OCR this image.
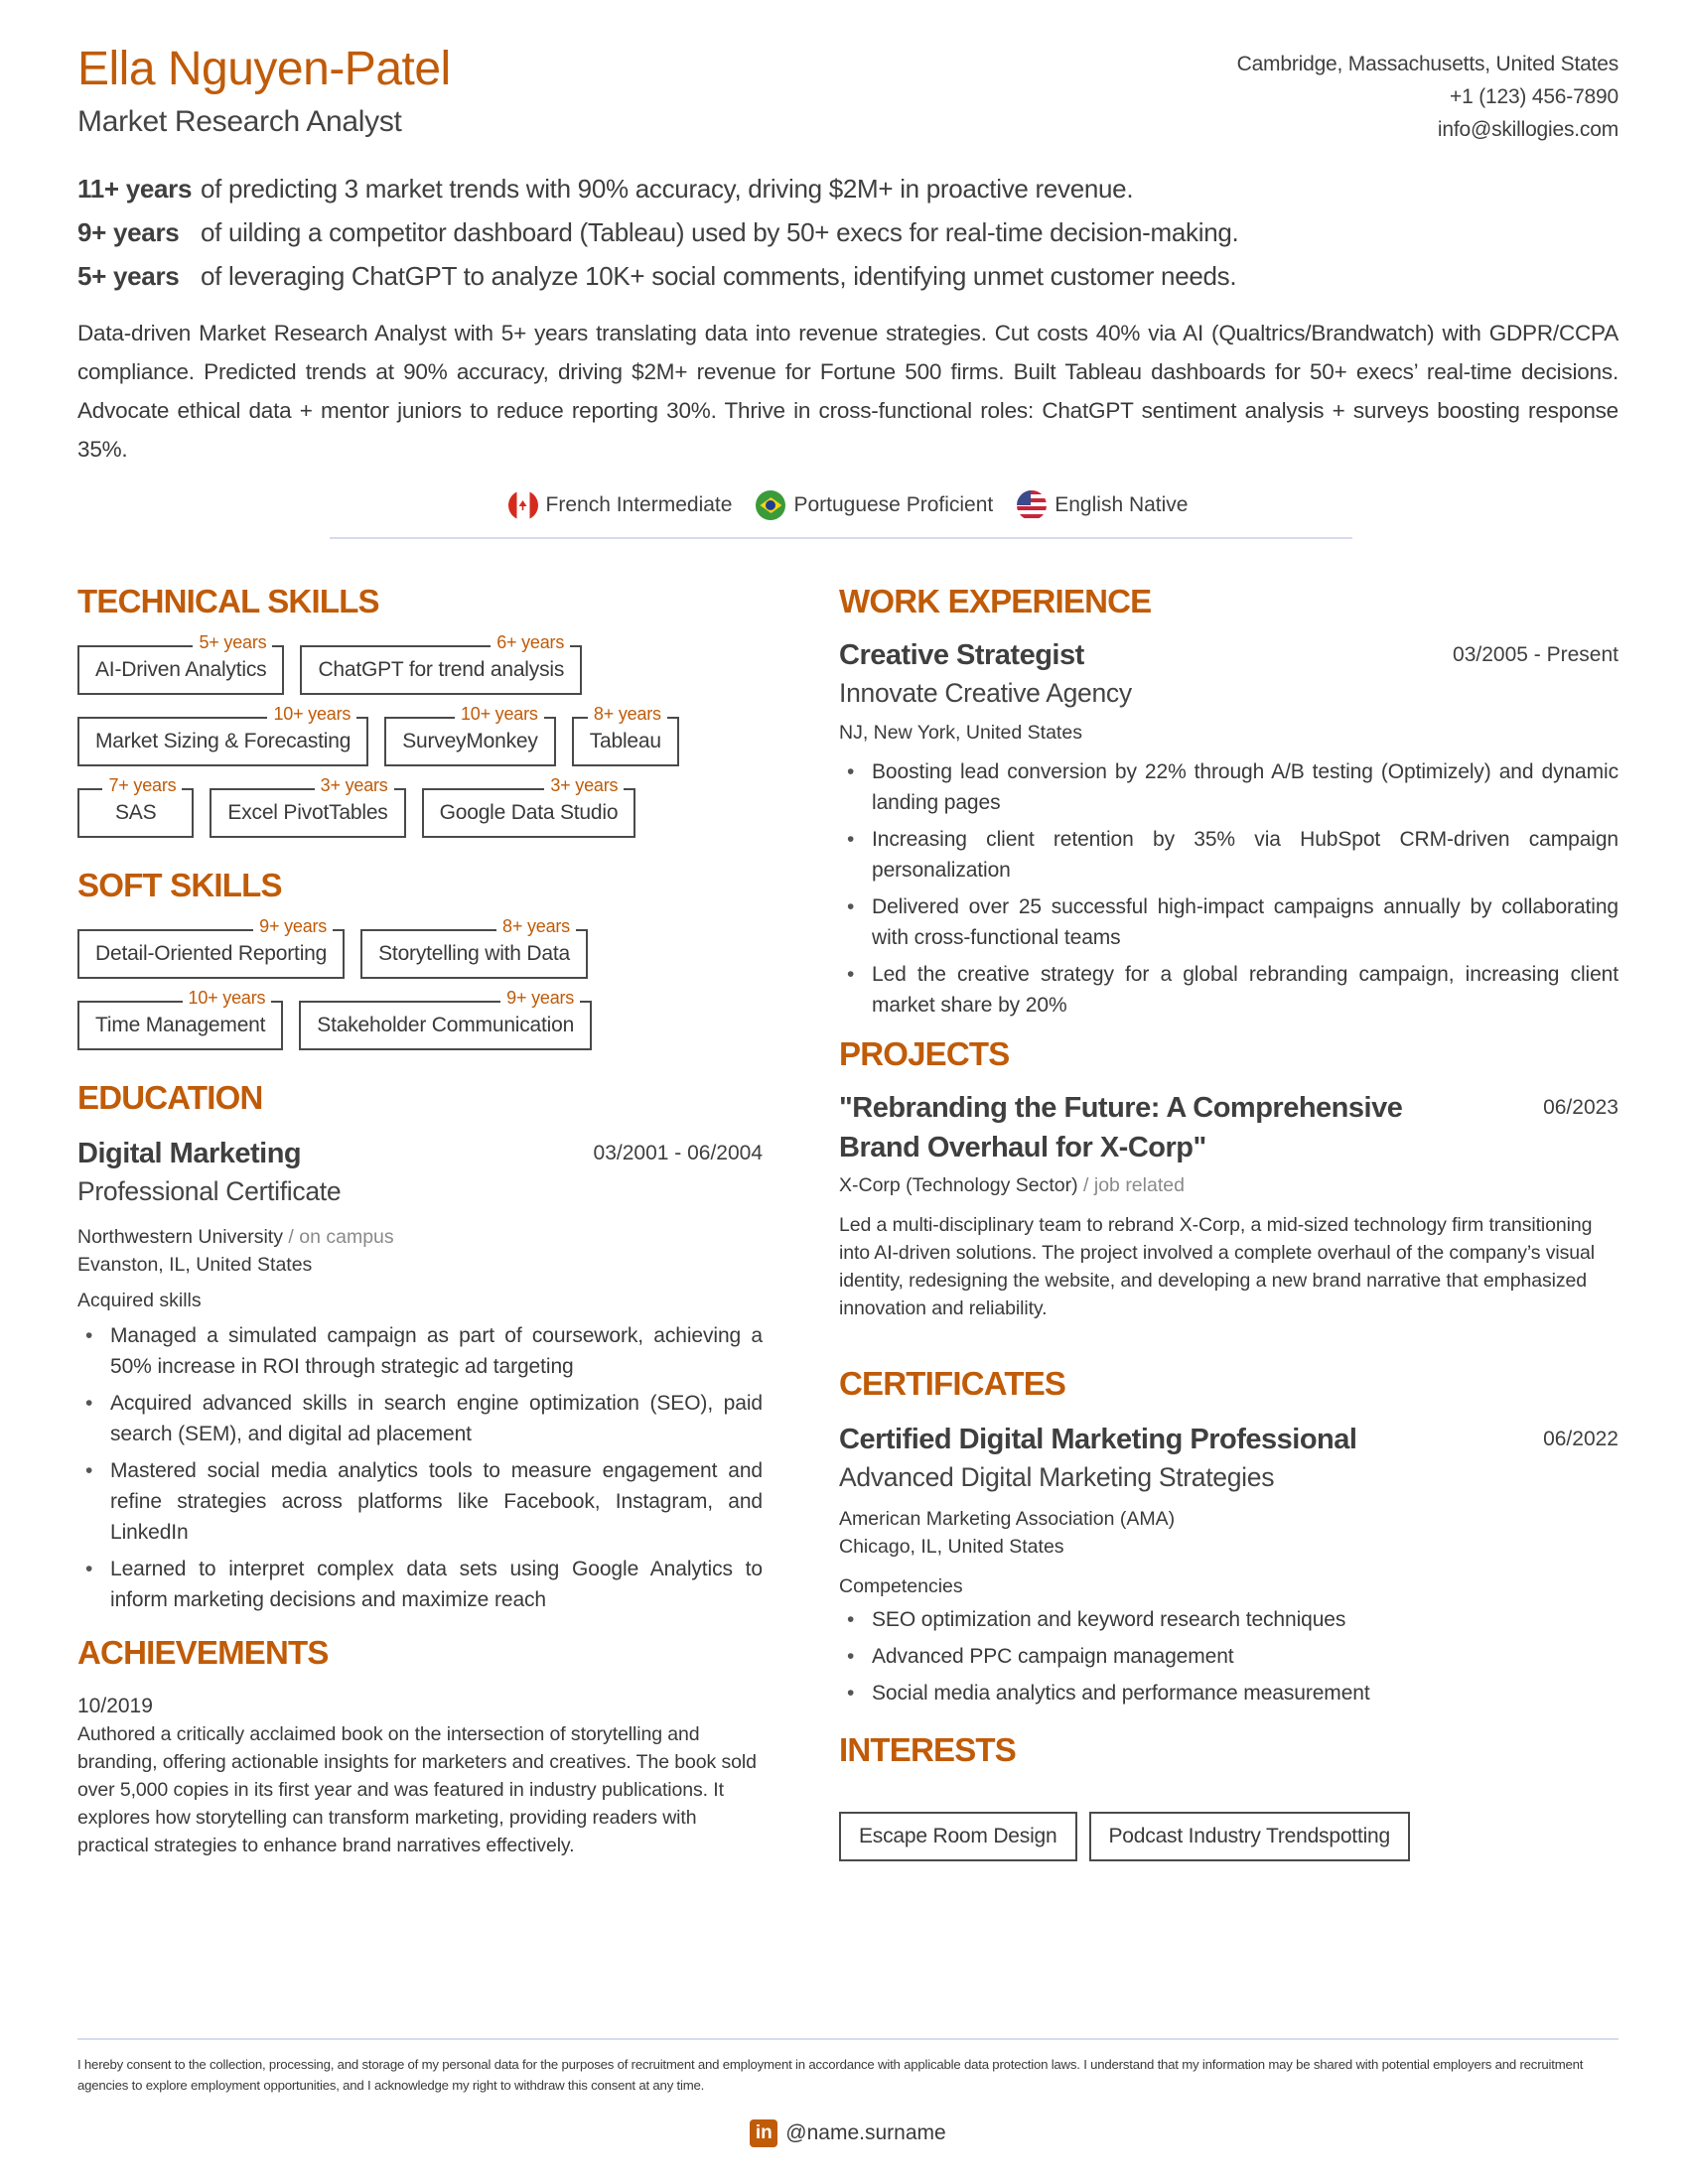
Ella Nguyen-Patel
Market Research Analyst
Cambridge, Massachusetts, United States
+1 (123) 456-7890
info@skillogies.com
11+ years of predicting 3 market trends with 90% accuracy, driving $2M+ in proactive revenue.
9+ years of uilding a competitor dashboard (Tableau) used by 50+ execs for real-time decision-making.
5+ years of leveraging ChatGPT to analyze 10K+ social comments, identifying unmet customer needs.
Data-driven Market Research Analyst with 5+ years translating data into revenue strategies. Cut costs 40% via AI (Qualtrics/Brandwatch) with GDPR/CCPA compliance. Predicted trends at 90% accuracy, driving $2M+ revenue for Fortune 500 firms. Built Tableau dashboards for 50+ execs’ real-time decisions. Advocate ethical data + mentor juniors to reduce reporting 30%. Thrive in cross-functional roles: ChatGPT sentiment analysis + surveys boosting response 35%.
French Intermediate	Portuguese Proficient	English Native
TECHNICAL SKILLS
AI-Driven Analytics
5+ years
ChatGPT for trend analysis
6+ years
Market Sizing & Forecasting
10+ years
SurveyMonkey
10+ years
Tableau
8+ years
SAS
7+ years
Excel PivotTables
3+ years
Google Data Studio
3+ years
SOFT SKILLS
Detail-Oriented Reporting
9+ years
Storytelling with Data
8+ years
Time Management
10+ years
Stakeholder Communication
9+ years
EDUCATION
Digital Marketing	03/2001 - 06/2004
Professional Certificate
Northwestern University / on campus
Evanston, IL, United States
Acquired skills
• Managed a simulated campaign as part of coursework, achieving a 50% increase in ROI through strategic ad targeting
• Acquired advanced skills in search engine optimization (SEO), paid search (SEM), and digital ad placement
• Mastered social media analytics tools to measure engagement and refine strategies across platforms like Facebook, Instagram, and LinkedIn
• Learned to interpret complex data sets using Google Analytics to inform marketing decisions and maximize reach
ACHIEVEMENTS
10/2019
Authored a critically acclaimed book on the intersection of storytelling and branding, offering actionable insights for marketers and creatives. The book sold over 5,000 copies in its first year and was featured in industry publications. It explores how storytelling can transform marketing, providing readers with practical strategies to enhance brand narratives effectively.
WORK EXPERIENCE
Creative Strategist	03/2005 - Present
Innovate Creative Agency
NJ, New York, United States
• Boosting lead conversion by 22% through A/B testing (Optimizely) and dynamic landing pages
• Increasing client retention by 35% via HubSpot CRM-driven campaign personalization
• Delivered over 25 successful high-impact campaigns annually by collaborating with cross-functional teams
• Led the creative strategy for a global rebranding campaign, increasing client market share by 20%
PROJECTS
"Rebranding the Future: A Comprehensive Brand Overhaul for X-Corp"
06/2023
X-Corp (Technology Sector) / job related
Led a multi-disciplinary team to rebrand X-Corp, a mid-sized technology firm transitioning into AI-driven solutions. The project involved a complete overhaul of the company’s visual identity, redesigning the website, and developing a new brand narrative that emphasized innovation and reliability.
CERTIFICATES
Certified Digital Marketing Professional	06/2022
Advanced Digital Marketing Strategies
American Marketing Association (AMA)
Chicago, IL, United States
Competencies
• SEO optimization and keyword research techniques
• Advanced PPC campaign management
• Social media analytics and performance measurement
INTERESTS
Escape Room Design	Podcast Industry Trendspotting
I hereby consent to the collection, processing, and storage of my personal data for the purposes of recruitment and employment in accordance with applicable data protection laws. I understand that my information may be shared with potential employers and recruitment agencies to explore employment opportunities, and I acknowledge my right to withdraw this consent at any time.
in @name.surname
